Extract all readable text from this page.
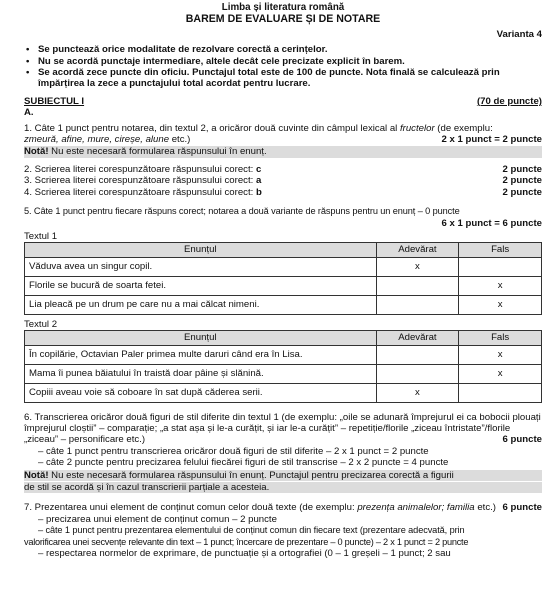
Limba și literatura română
BAREM DE EVALUARE ȘI DE NOTARE
Varianta 4
• Se punctează orice modalitate de rezolvare corectă a cerințelor.
• Nu se acordă punctaje intermediare, altele decât cele precizate explicit în barem.
• Se acordă zece puncte din oficiu. Punctajul total este de 100 de puncte. Nota finală se calculează prin împărțirea la zece a punctajului total acordat pentru lucrare.
SUBIECTUL I	(70 de puncte)
A.
1. Câte 1 punct pentru notarea, din textul 2, a oricăror două cuvinte din câmpul lexical al fructelor (de exemplu:
zmeură, afine, mure, cireșe, alune etc.)	2 x 1 punct = 2 puncte
Notă! Nu este necesară formularea răspunsului în enunț.
2. Scrierea literei corespunzătoare răspunsului corect: c	2 puncte
3. Scrierea literei corespunzătoare răspunsului corect: a	2 puncte
4. Scrierea literei corespunzătoare răspunsului corect: b	2 puncte
5. Câte 1 punct pentru fiecare răspuns corect; notarea a două variante de răspuns pentru un enunț – 0 puncte
6 x 1 punct = 6 puncte
Textul 1
Enunțul	Adevărat	Fals
Văduva avea un singur copil.	x	
Florile se bucură de soarta fetei.		x
Lia pleacă pe un drum pe care nu a mai călcat nimeni.		x
Textul 2
Enunțul	Adevărat	Fals
În copilărie, Octavian Paler primea multe daruri când era în Lisa.		x
Mama îi punea băiatului în traistă doar pâine și slănină.		x
Copiii aveau voie să coboare în sat după căderea serii.	x	
6. Transcrierea oricăror două figuri de stil diferite din textul 1 (de exemplu: „oile se adunară împrejurul ei ca bobocii plouați împrejurul cloștii” – comparație; „a stat așa și le-a curățit, și iar le-a curățit” – repetiție/florile „ziceau întristate”/florile „ziceau” – personificare etc.)	6 puncte
– câte 1 punct pentru transcrierea oricăror două figuri de stil diferite – 2 x 1 punct = 2 puncte
– câte 2 puncte pentru precizarea felului fiecărei figuri de stil transcrise – 2 x 2 puncte = 4 puncte
Notă! Nu este necesară formularea răspunsului în enunț. Punctajul pentru precizarea corectă a figurii
de stil se acordă și în cazul transcrierii parțiale a acesteia.
7. Prezentarea unui element de conținut comun celor două texte (de exemplu: prezența animalelor; familia etc.) 6 puncte
– precizarea unui element de conținut comun – 2 puncte
– câte 1 punct pentru prezentarea elementului de conținut comun din fiecare text (prezentare adecvată, prin
valorificarea unei secvențe relevante din text – 1 punct; încercare de prezentare – 0 puncte) – 2 x 1 punct = 2 puncte
– respectarea normelor de exprimare, de punctuație și a ortografiei (0 – 1 greșeli – 1 punct; 2 sau
